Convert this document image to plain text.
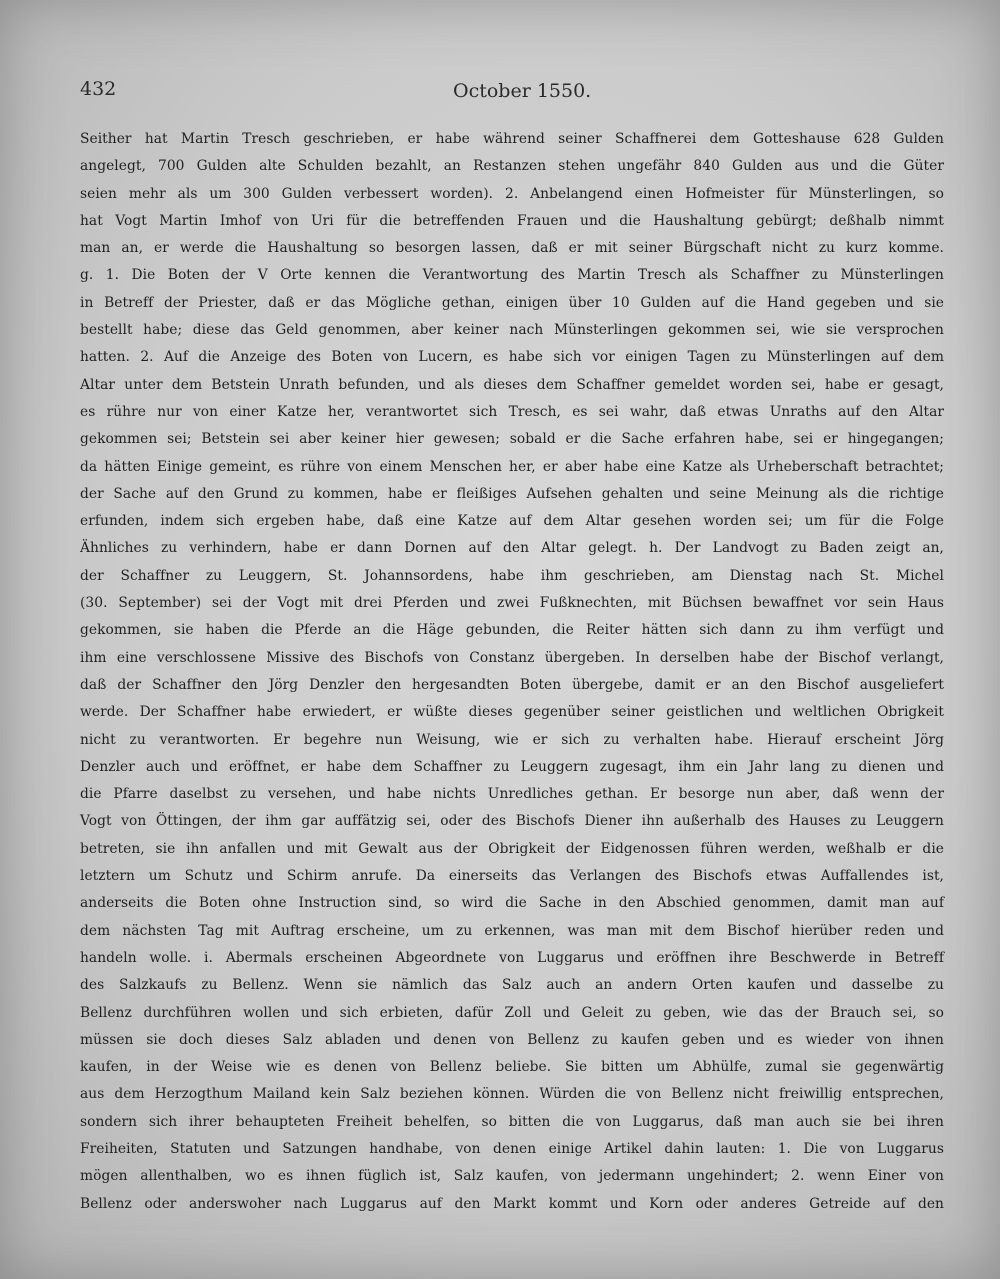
432	October 1550.
Seither hat Martin Tresch geschrieben, er habe während seiner Schaffnerei dem Gotteshause 628 Gulden
angelegt, 700 Gulden alte Schulden bezahlt, an Restanzen stehen ungefähr 840 Gulden aus und die Güter
seien mehr als um 300 Gulden verbessert worden). 2. Anbelangend einen Hofmeister für Münsterlingen, so
hat Vogt Martin Imhof von Uri für die betreffenden Frauen und die Haushaltung gebürgt; deßhalb nimmt
man an, er werde die Haushaltung so besorgen lassen, daß er mit seiner Bürgschaft nicht zu kurz komme.
g. 1. Die Boten der V Orte kennen die Verantwortung des Martin Tresch als Schaffner zu Münsterlingen
in Betreff der Priester, daß er das Mögliche gethan, einigen über 10 Gulden auf die Hand gegeben und sie
bestellt habe; diese das Geld genommen, aber keiner nach Münsterlingen gekommen sei, wie sie versprochen
hatten. 2. Auf die Anzeige des Boten von Lucern, es habe sich vor einigen Tagen zu Münsterlingen auf dem
Altar unter dem Betstein Unrath befunden, und als dieses dem Schaffner gemeldet worden sei, habe er gesagt,
es rühre nur von einer Katze her, verantwortet sich Tresch, es sei wahr, daß etwas Unraths auf den Altar
gekommen sei; Betstein sei aber keiner hier gewesen; sobald er die Sache erfahren habe, sei er hingegangen;
da hätten Einige gemeint, es rühre von einem Menschen her, er aber habe eine Katze als Urheberschaft betrachtet;
der Sache auf den Grund zu kommen, habe er fleißiges Aufsehen gehalten und seine Meinung als die richtige
erfunden, indem sich ergeben habe, daß eine Katze auf dem Altar gesehen worden sei; um für die Folge
Ähnliches zu verhindern, habe er dann Dornen auf den Altar gelegt. h. Der Landvogt zu Baden zeigt an,
der Schaffner zu Leuggern, St. Johannsordens, habe ihm geschrieben, am Dienstag nach St. Michel
(30. September) sei der Vogt mit drei Pferden und zwei Fußknechten, mit Büchsen bewaffnet vor sein Haus
gekommen, sie haben die Pferde an die Häge gebunden, die Reiter hätten sich dann zu ihm verfügt und
ihm eine verschlossene Missive des Bischofs von Constanz übergeben. In derselben habe der Bischof verlangt,
daß der Schaffner den Jörg Denzler den hergesandten Boten übergebe, damit er an den Bischof ausgeliefert
werde. Der Schaffner habe erwiedert, er wüßte dieses gegenüber seiner geistlichen und weltlichen Obrigkeit
nicht zu verantworten. Er begehre nun Weisung, wie er sich zu verhalten habe. Hierauf erscheint Jörg
Denzler auch und eröffnet, er habe dem Schaffner zu Leuggern zugesagt, ihm ein Jahr lang zu dienen und
die Pfarre daselbst zu versehen, und habe nichts Unredliches gethan. Er besorge nun aber, daß wenn der
Vogt von Öttingen, der ihm gar auffätzig sei, oder des Bischofs Diener ihn außerhalb des Hauses zu Leuggern
betreten, sie ihn anfallen und mit Gewalt aus der Obrigkeit der Eidgenossen führen werden, weßhalb er die
letztern um Schutz und Schirm anrufe. Da einerseits das Verlangen des Bischofs etwas Auffallendes ist,
anderseits die Boten ohne Instruction sind, so wird die Sache in den Abschied genommen, damit man auf
dem nächsten Tag mit Auftrag erscheine, um zu erkennen, was man mit dem Bischof hierüber reden und
handeln wolle. i. Abermals erscheinen Abgeordnete von Luggarus und eröffnen ihre Beschwerde in Betreff
des Salzkaufs zu Bellenz. Wenn sie nämlich das Salz auch an andern Orten kaufen und dasselbe zu
Bellenz durchführen wollen und sich erbieten, dafür Zoll und Geleit zu geben, wie das der Brauch sei, so
müssen sie doch dieses Salz abladen und denen von Bellenz zu kaufen geben und es wieder von ihnen
kaufen, in der Weise wie es denen von Bellenz beliebe. Sie bitten um Abhülfe, zumal sie gegenwärtig
aus dem Herzogthum Mailand kein Salz beziehen können. Würden die von Bellenz nicht freiwillig entsprechen,
sondern sich ihrer behaupteten Freiheit behelfen, so bitten die von Luggarus, daß man auch sie bei ihren
Freiheiten, Statuten und Satzungen handhabe, von denen einige Artikel dahin lauten: 1. Die von Luggarus
mögen allenthalben, wo es ihnen füglich ist, Salz kaufen, von jedermann ungehindert; 2. wenn Einer von
Bellenz oder anderswoher nach Luggarus auf den Markt kommt und Korn oder anderes Getreide auf den
